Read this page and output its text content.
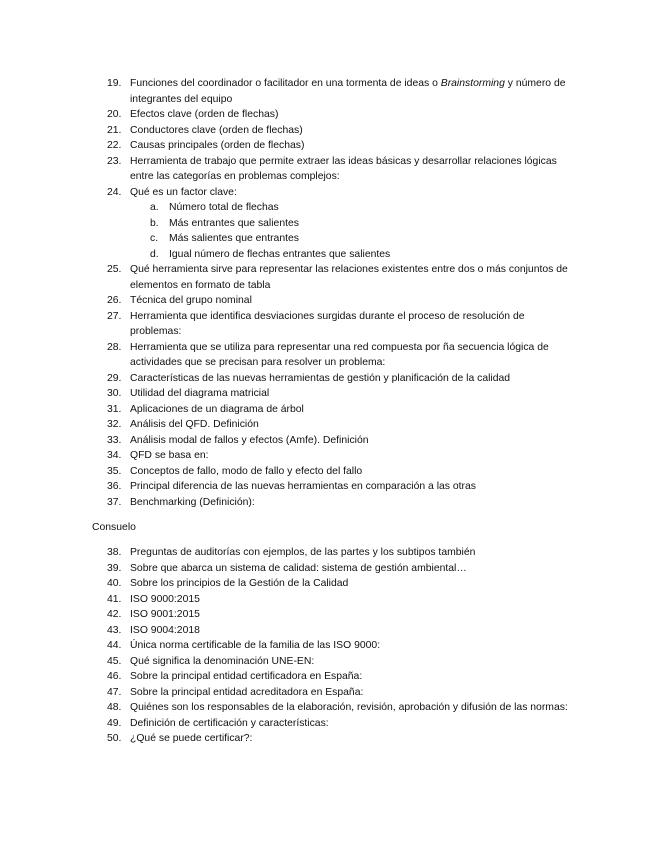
19. Funciones del coordinador o facilitador en una tormenta de ideas o Brainstorming y número de integrantes del equipo
20. Efectos clave (orden de flechas)
21. Conductores clave (orden de flechas)
22. Causas principales (orden de flechas)
23. Herramienta de trabajo que permite extraer las ideas básicas y desarrollar relaciones lógicas entre las categorías en problemas complejos:
24. Qué es un factor clave:
a. Número total de flechas
b. Más entrantes que salientes
c. Más salientes que entrantes
d. Igual número de flechas entrantes que salientes
25. Qué herramienta sirve para representar las relaciones existentes entre dos o más conjuntos de elementos en formato de tabla
26. Técnica del grupo nominal
27. Herramienta que identifica desviaciones surgidas durante el proceso de resolución de problemas:
28. Herramienta que se utiliza para representar una red compuesta por ña secuencia lógica de actividades que se precisan para resolver un problema:
29. Características de las nuevas herramientas de gestión y planificación de la calidad
30. Utilidad del diagrama matricial
31. Aplicaciones de un diagrama de árbol
32. Análisis del QFD. Definición
33. Análisis modal de fallos y efectos (Amfe). Definición
34. QFD se basa en:
35. Conceptos de fallo, modo de fallo y efecto del fallo
36. Principal diferencia de las nuevas herramientas en comparación a las otras
37. Benchmarking (Definición):
Consuelo
38. Preguntas de auditorías con ejemplos, de las partes y los subtipos también
39. Sobre que abarca un sistema de calidad: sistema de gestión ambiental…
40. Sobre los principios de la Gestión de la Calidad
41. ISO 9000:2015
42. ISO 9001:2015
43. ISO 9004:2018
44. Única norma certificable de la familia de las ISO 9000:
45. Qué significa la denominación UNE-EN:
46. Sobre la principal entidad certificadora en España:
47. Sobre la principal entidad acreditadora en España:
48. Quiénes son los responsables de la elaboración, revisión, aprobación y difusión de las normas:
49. Definición de certificación y características:
50. ¿Qué se puede certificar?:
